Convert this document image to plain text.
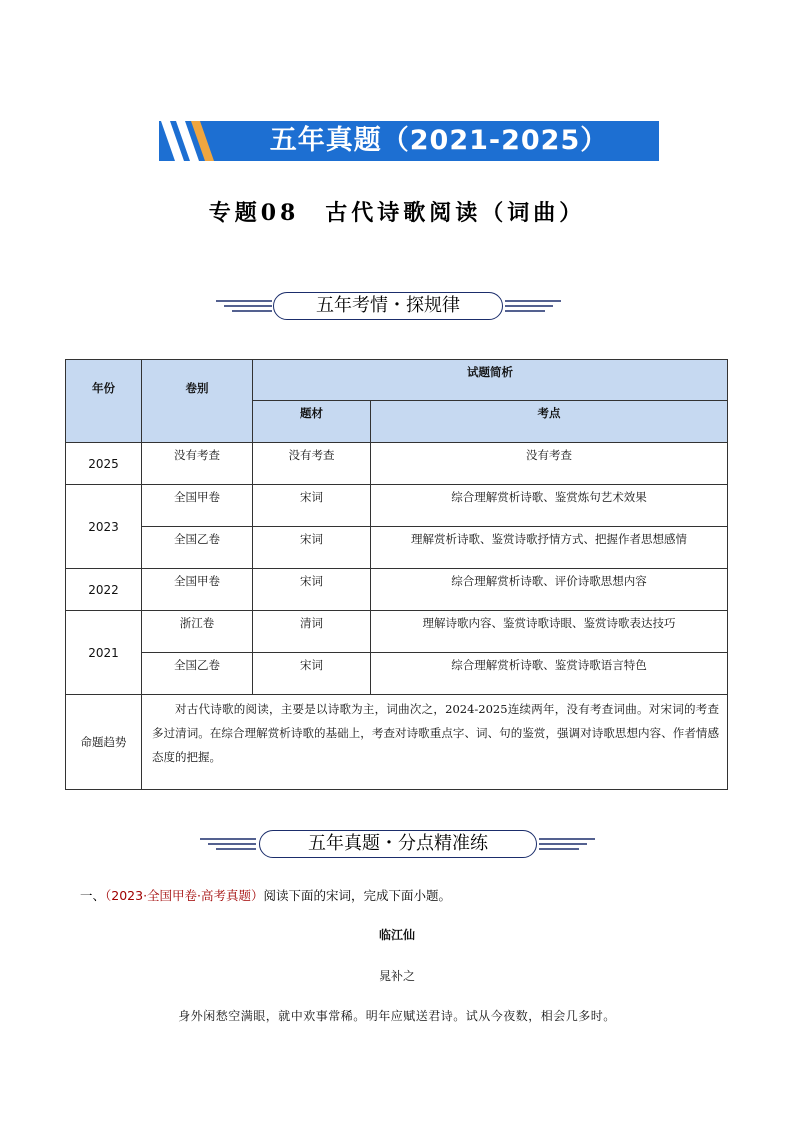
五年真题（2021-2025）
专题08　古代诗歌阅读（词曲）
五年考情・探规律
年份	卷别	试题简析	
		题材	考点
2025	没有考查	没有考查	没有考查
2023	全国甲卷	宋词	综合理解赏析诗歌、鉴赏炼句艺术效果
	全国乙卷	宋词	理解赏析诗歌、鉴赏诗歌抒情方式、把握作者思想感情
2022	全国甲卷	宋词	综合理解赏析诗歌、评价诗歌思想内容
2021	浙江卷	清词	理解诗歌内容、鉴赏诗歌诗眼、鉴赏诗歌表达技巧
	全国乙卷	宋词	综合理解赏析诗歌、鉴赏诗歌语言特色
命题趋势	对古代诗歌的阅读，主要是以诗歌为主，词曲次之，2024-2025连续两年，没有考查词曲。对宋词的考查多过清词。在综合理解赏析诗歌的基础上，考查对诗歌重点字、词、句的鉴赏，强调对诗歌思想内容、作者情感态度的把握。		
五年真题・分点精准练
一、（2023·全国甲卷·高考真题）阅读下面的宋词，完成下面小题。
临江仙
晁补之
身外闲愁空满眼，就中欢事常稀。明年应赋送君诗。试从今夜数，相会几多时。
